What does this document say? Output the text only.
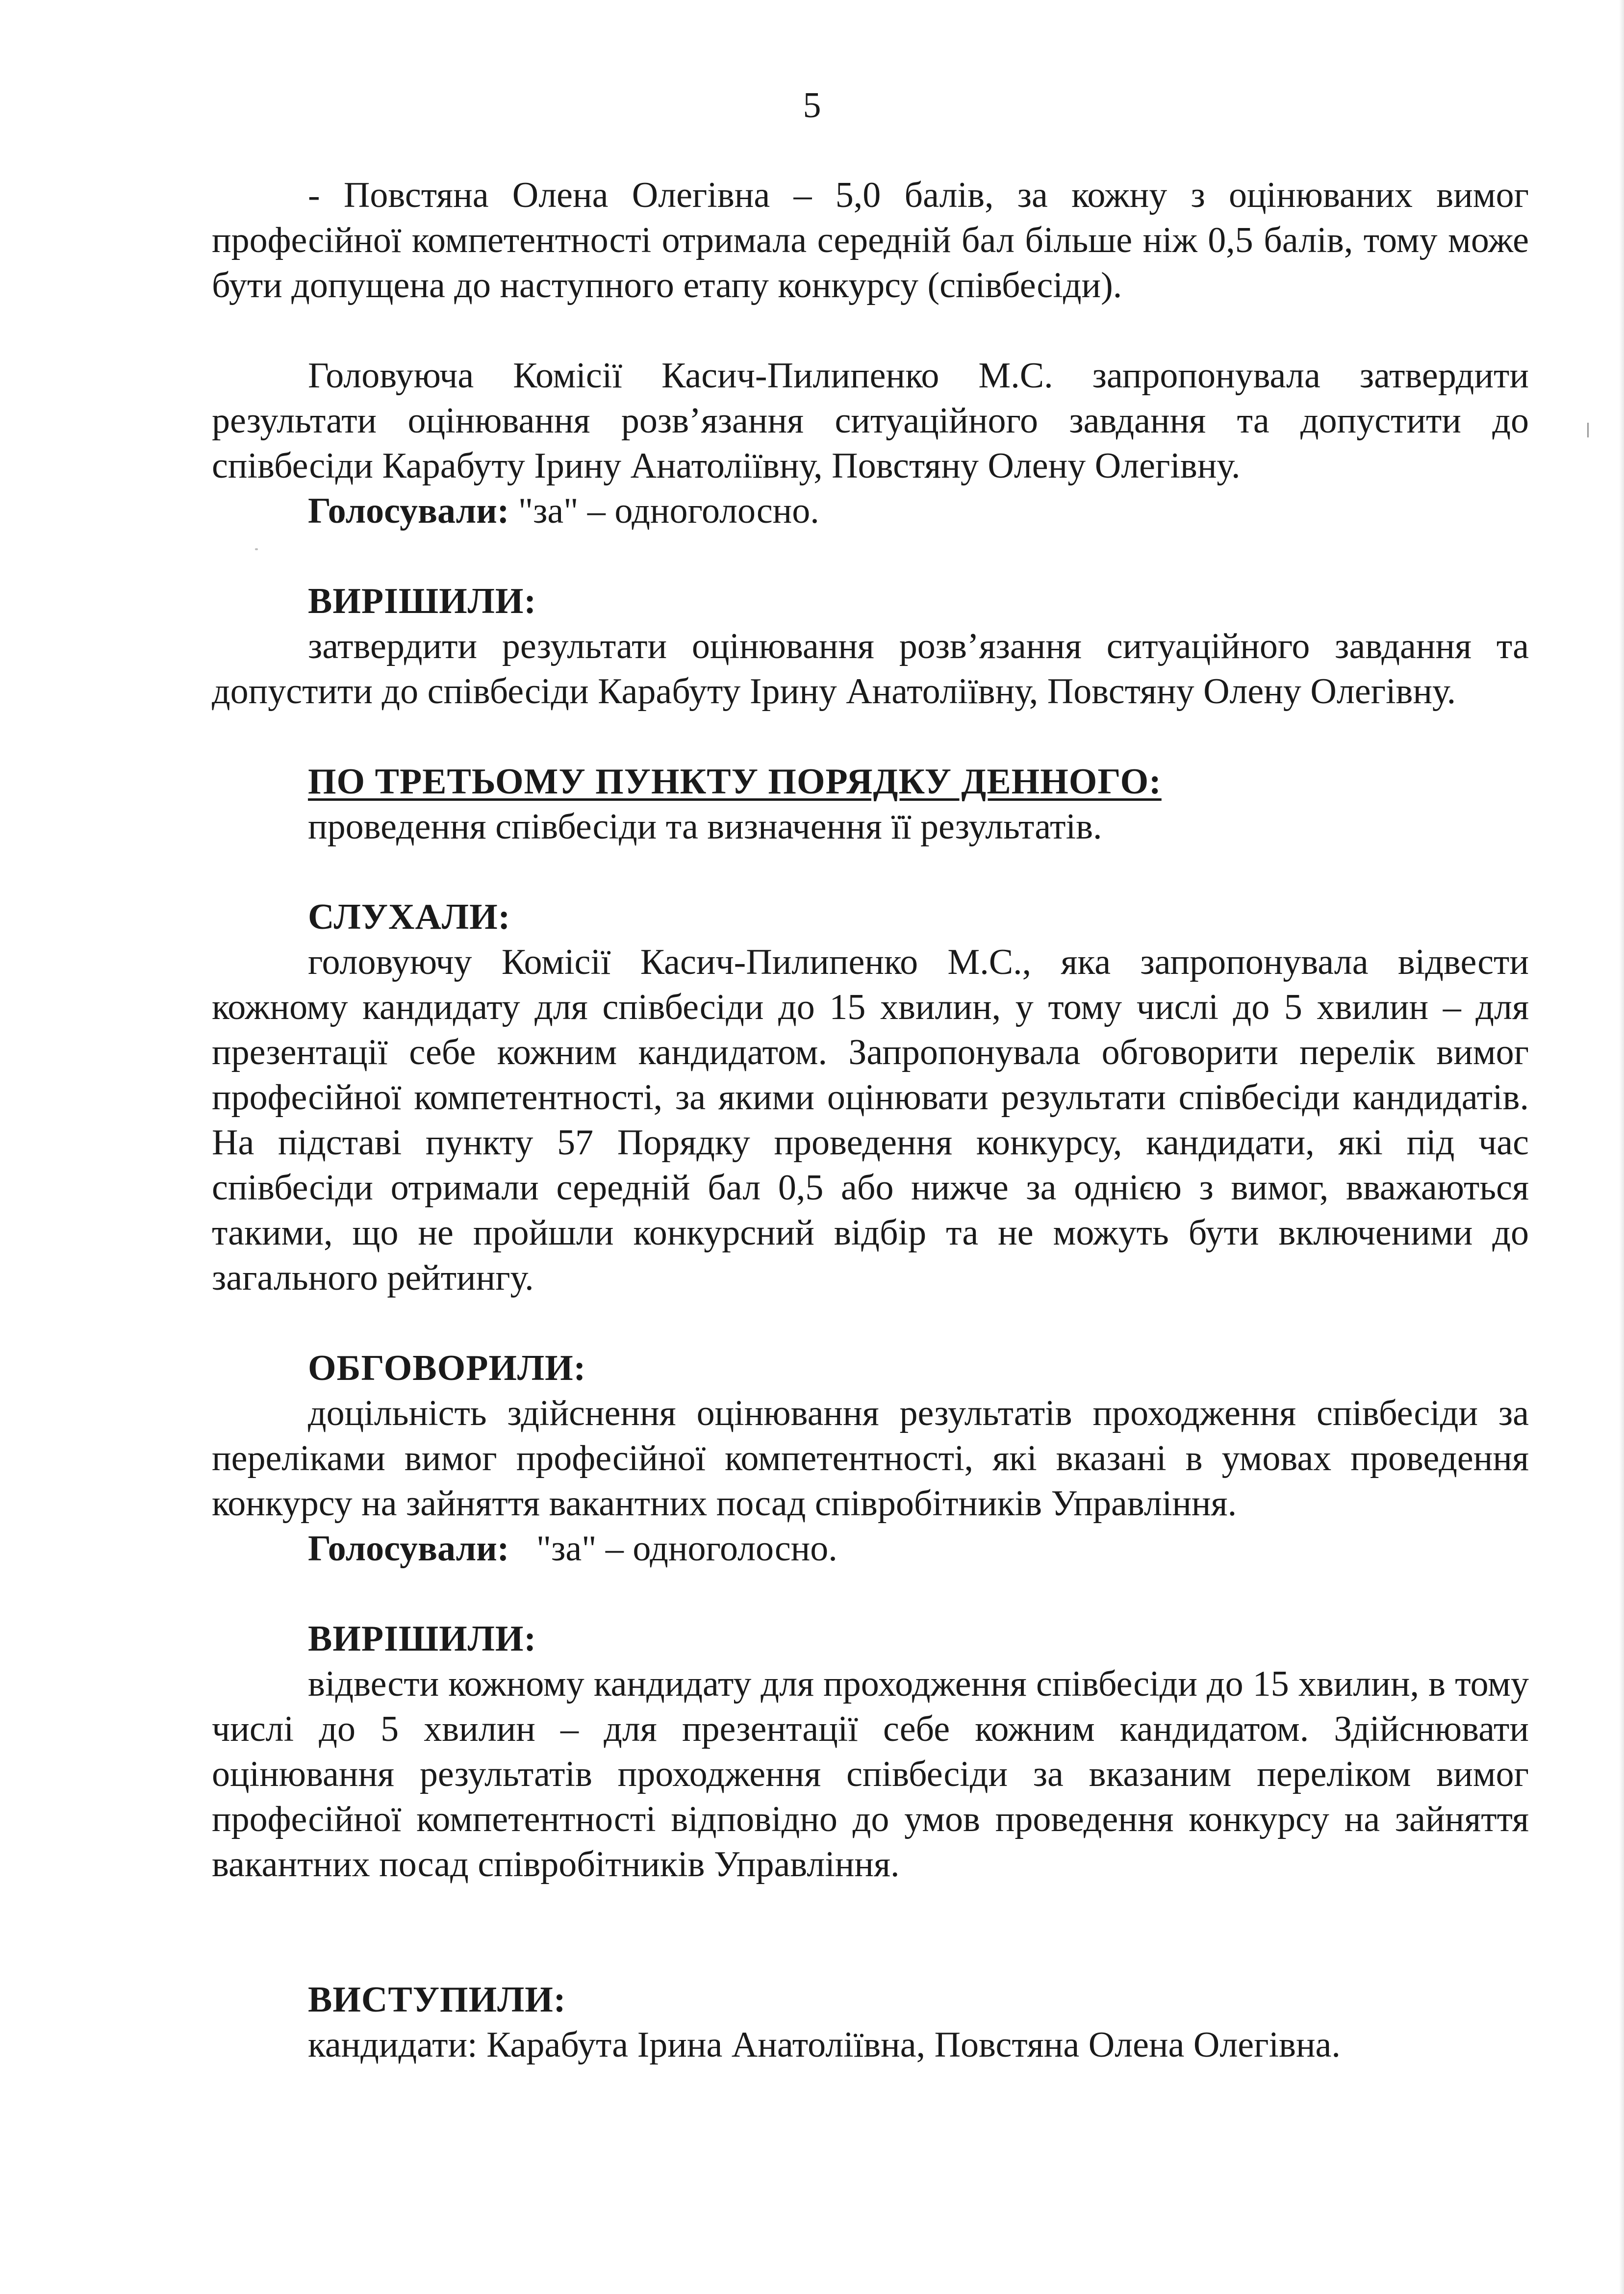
5

- Повстяна Олена Олегівна – 5,0 балів, за кожну з оцінюваних вимог професійної компетентності отримала середній бал більше ніж 0,5 балів, тому може бути допущена до наступного етапу конкурсу (співбесіди).

Головуюча Комісії Касич-Пилипенко М.С. запропонувала затвердити результати оцінювання розв’язання ситуаційного завдання та допустити до співбесіди Карабуту Ірину Анатоліївну, Повстяну Олену Олегівну.

Голосували: "за" – одноголосно.

ВИРІШИЛИ:

затвердити результати оцінювання розв’язання ситуаційного завдання та допустити до співбесіди Карабуту Ірину Анатоліївну, Повстяну Олену Олегівну.

ПО ТРЕТЬОМУ ПУНКТУ ПОРЯДКУ ДЕННОГО:

проведення співбесіди та визначення її результатів.

СЛУХАЛИ:

головуючу Комісії Касич-Пилипенко М.С., яка запропонувала відвести кожному кандидату для співбесіди до 15 хвилин, у тому числі до 5 хвилин – для презентації себе кожним кандидатом. Запропонувала обговорити перелік вимог професійної компетентності, за якими оцінювати результати співбесіди кандидатів. На підставі пункту 57 Порядку проведення конкурсу, кандидати, які під час співбесіди отримали середній бал 0,5 або нижче за однією з вимог, вважаються такими, що не пройшли конкурсний відбір та не можуть бути включеними до загального рейтингу.

ОБГОВОРИЛИ:

доцільність здійснення оцінювання результатів проходження співбесіди за переліками вимог професійної компетентності, які вказані в умовах проведення конкурсу на зайняття вакантних посад співробітників Управління.

Голосували:   "за" – одноголосно.

ВИРІШИЛИ:

відвести кожному кандидату для проходження співбесіди до 15 хвилин, в тому числі до 5 хвилин – для презентації себе кожним кандидатом. Здійснювати оцінювання результатів проходження співбесіди за вказаним переліком вимог професійної компетентності відповідно до умов проведення конкурсу на зайняття вакантних посад співробітників Управління.

ВИСТУПИЛИ:

кандидати: Карабута Ірина Анатоліївна, Повстяна Олена Олегівна.
